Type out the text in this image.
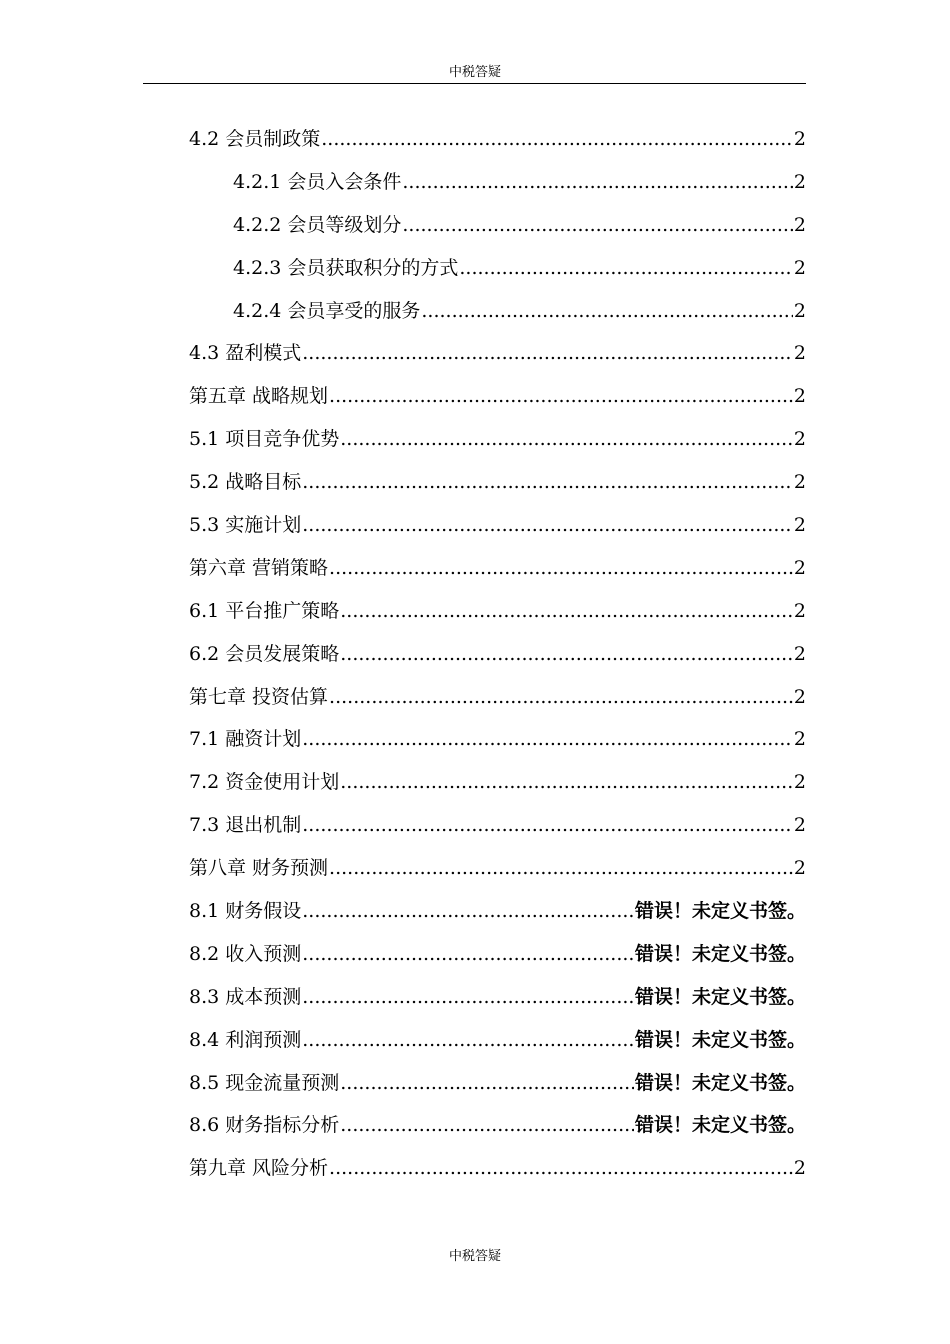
中税答疑
4.2 会员制政策 .....	2
4.2.1 会员入会条件 .....	2
4.2.2 会员等级划分 .....	2
4.2.3 会员获取积分的方式 .....	2
4.2.4 会员享受的服务 .....	2
4.3 盈利模式 .....	2
第五章 战略规划 .....	2
5.1 项目竞争优势 .....	2
5.2 战略目标 .....	2
5.3 实施计划 .....	2
第六章 营销策略 .....	2
6.1 平台推广策略 .....	2
6.2 会员发展策略 .....	2
第七章 投资估算 .....	2
7.1 融资计划 .....	2
7.2 资金使用计划 .....	2
7.3 退出机制 .....	2
第八章 财务预测 .....	2
8.1 财务假设 .....	错误！未定义书签。
8.2 收入预测 .....	错误！未定义书签。
8.3 成本预测 .....	错误！未定义书签。
8.4 利润预测 .....	错误！未定义书签。
8.5 现金流量预测 .....	错误！未定义书签。
8.6 财务指标分析 .....	错误！未定义书签。
第九章 风险分析 .....	2
中税答疑
